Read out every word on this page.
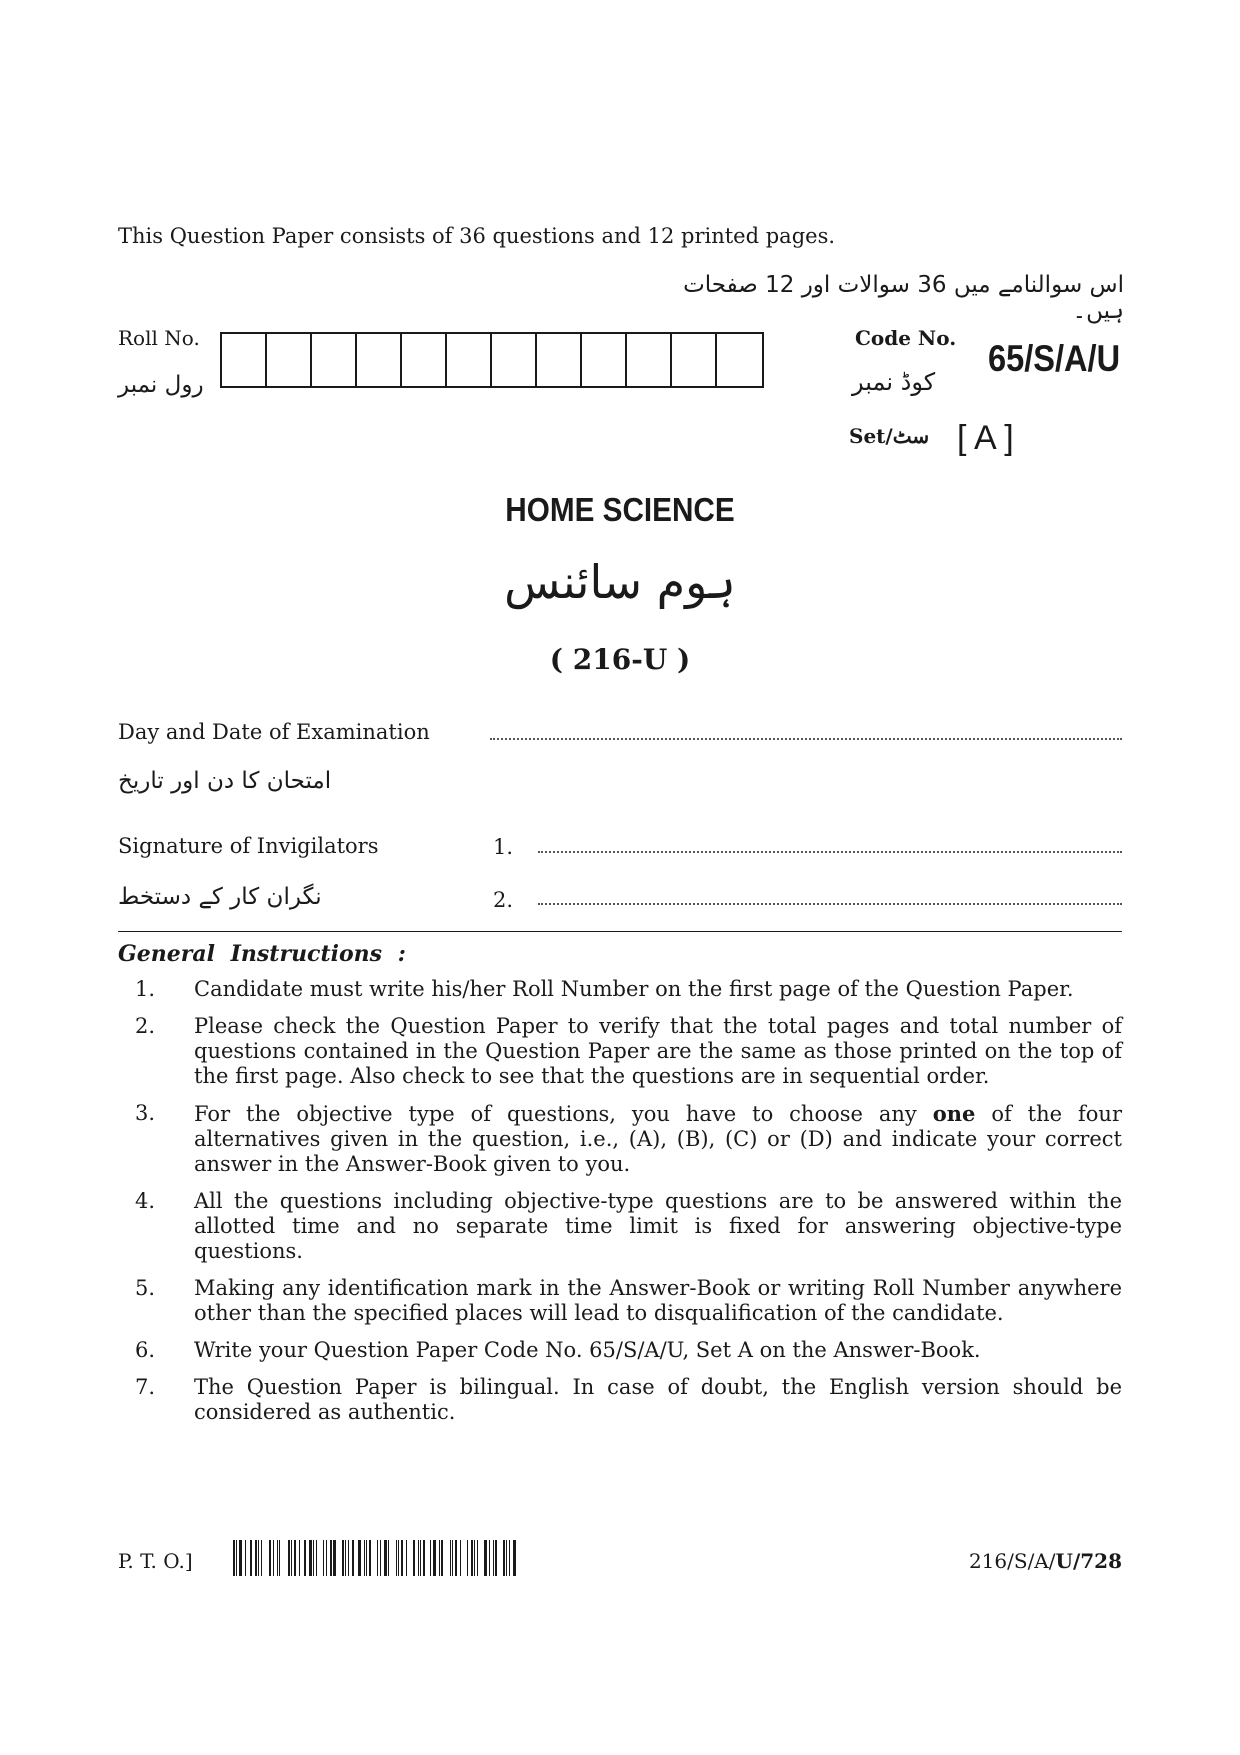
This Question Paper consists of 36 questions and 12 printed pages.
اس سوالنامے میں 36 سوالات اور 12 صفحات ہیں۔
Roll No.
رول نمبر
Code No. 65/S/A/U
کوڈ نمبر
Set/سٹ [ A ]
HOME SCIENCE
ہوم سائنس
( 216-U )
Day and Date of Examination
امتحان کا دن اور تاریخ
Signature of Invigilators	1.
نگران کار کے دستخط	2.
General Instructions :
1.	Candidate must write his/her Roll Number on the first page of the Question Paper.
2.	Please check the Question Paper to verify that the total pages and total number of questions contained in the Question Paper are the same as those printed on the top of the first page. Also check to see that the questions are in sequential order.
3.	For the objective type of questions, you have to choose any one of the four alternatives given in the question, i.e., (A), (B), (C) or (D) and indicate your correct answer in the Answer-Book given to you.
4.	All the questions including objective-type questions are to be answered within the allotted time and no separate time limit is fixed for answering objective-type questions.
5.	Making any identification mark in the Answer-Book or writing Roll Number anywhere other than the specified places will lead to disqualification of the candidate.
6.	Write your Question Paper Code No. 65/S/A/U, Set A on the Answer-Book.
7.	The Question Paper is bilingual. In case of doubt, the English version should be considered as authentic.
P. T. O.]	216/S/A/U/728
